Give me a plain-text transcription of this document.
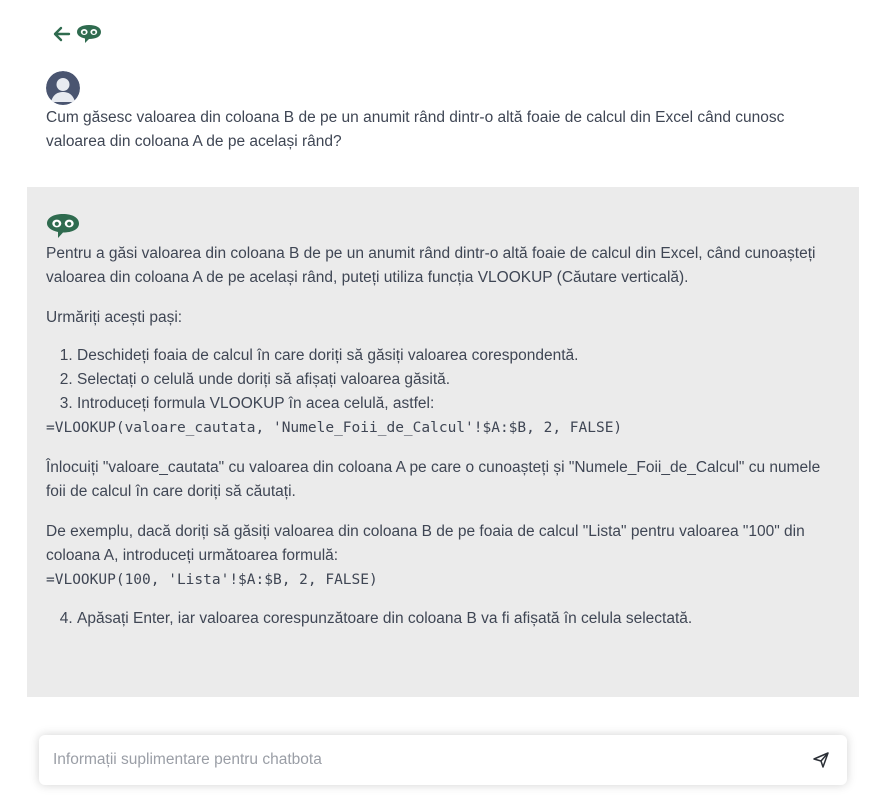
Cum găsesc valoarea din coloana B de pe un anumit rând dintr-o altă foaie de calcul din Excel când cunosc valoarea din coloana A de pe același rând?

Pentru a găsi valoarea din coloana B de pe un anumit rând dintr-o altă foaie de calcul din Excel, când cunoașteți valoarea din coloana A de pe același rând, puteți utiliza funcția VLOOKUP (Căutare verticală).

Urmăriți acești pași:

1. Deschideți foaia de calcul în care doriți să găsiți valoarea corespondentă.
2. Selectați o celulă unde doriți să afișați valoarea găsită.
3. Introduceți formula VLOOKUP în acea celulă, astfel:

=VLOOKUP(valoare_cautata, 'Numele_Foii_de_Calcul'!$A:$B, 2, FALSE)

Înlocuiți "valoare_cautata" cu valoarea din coloana A pe care o cunoașteți și "Numele_Foii_de_Calcul" cu numele foii de calcul în care doriți să căutați.

De exemplu, dacă doriți să găsiți valoarea din coloana B de pe foaia de calcul "Lista" pentru valoarea "100" din coloana A, introduceți următoarea formulă:

=VLOOKUP(100, 'Lista'!$A:$B, 2, FALSE)

4. Apăsați Enter, iar valoarea corespunzătoare din coloana B va fi afișată în celula selectată.
Informații suplimentare pentru chatbota
